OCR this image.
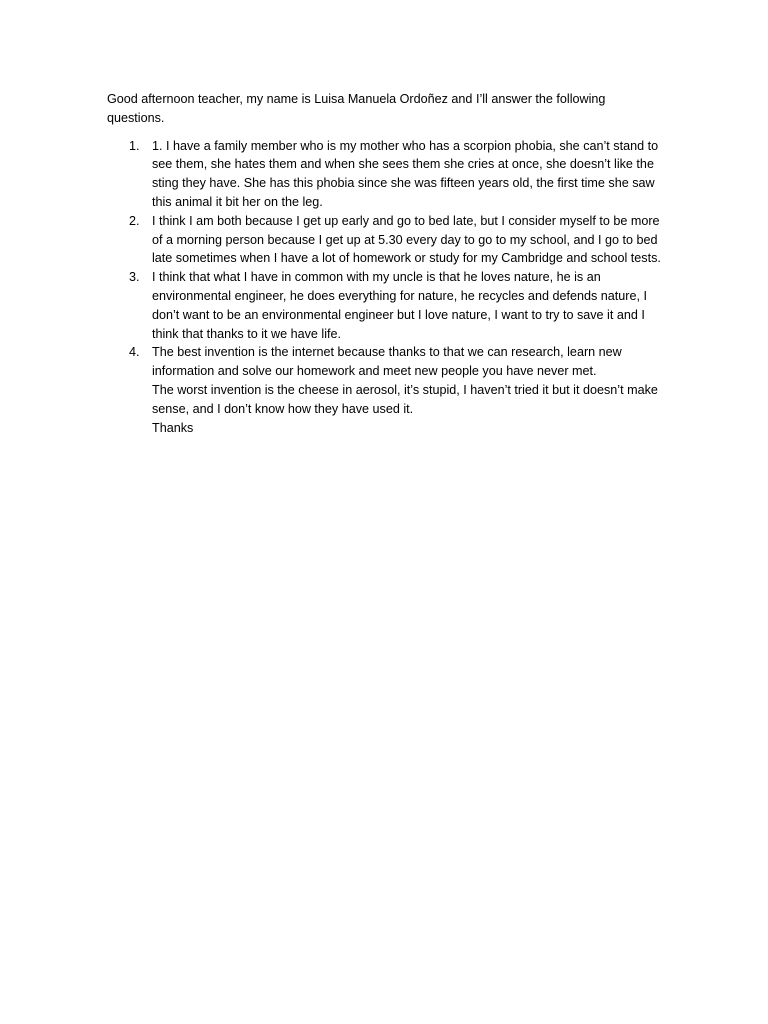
Good afternoon teacher, my name is Luisa Manuela Ordoñez and I’ll answer the following questions.

1. 1. I have a family member who is my mother who has a scorpion phobia, she can’t stand to see them, she hates them and when she sees them she cries at once, she doesn’t like the sting they have. She has this phobia since she was fifteen years old, the first time she saw this animal it bit her on the leg.
2. I think I am both because I get up early and go to bed late, but I consider myself to be more of a morning person because I get up at 5.30 every day to go to my school, and I go to bed late sometimes when I have a lot of homework or study for my Cambridge and school tests.
3. I think that what I have in common with my uncle is that he loves nature, he is an environmental engineer, he does everything for nature, he recycles and defends nature, I don’t want to be an environmental engineer but I love nature, I want to try to save it and I think that thanks to it we have life.
4. The best invention is the internet because thanks to that we can research, learn new information and solve our homework and meet new people you have never met.
The worst invention is the cheese in aerosol, it’s stupid, I haven’t tried it but it doesn’t make sense, and I don’t know how they have used it.
Thanks
